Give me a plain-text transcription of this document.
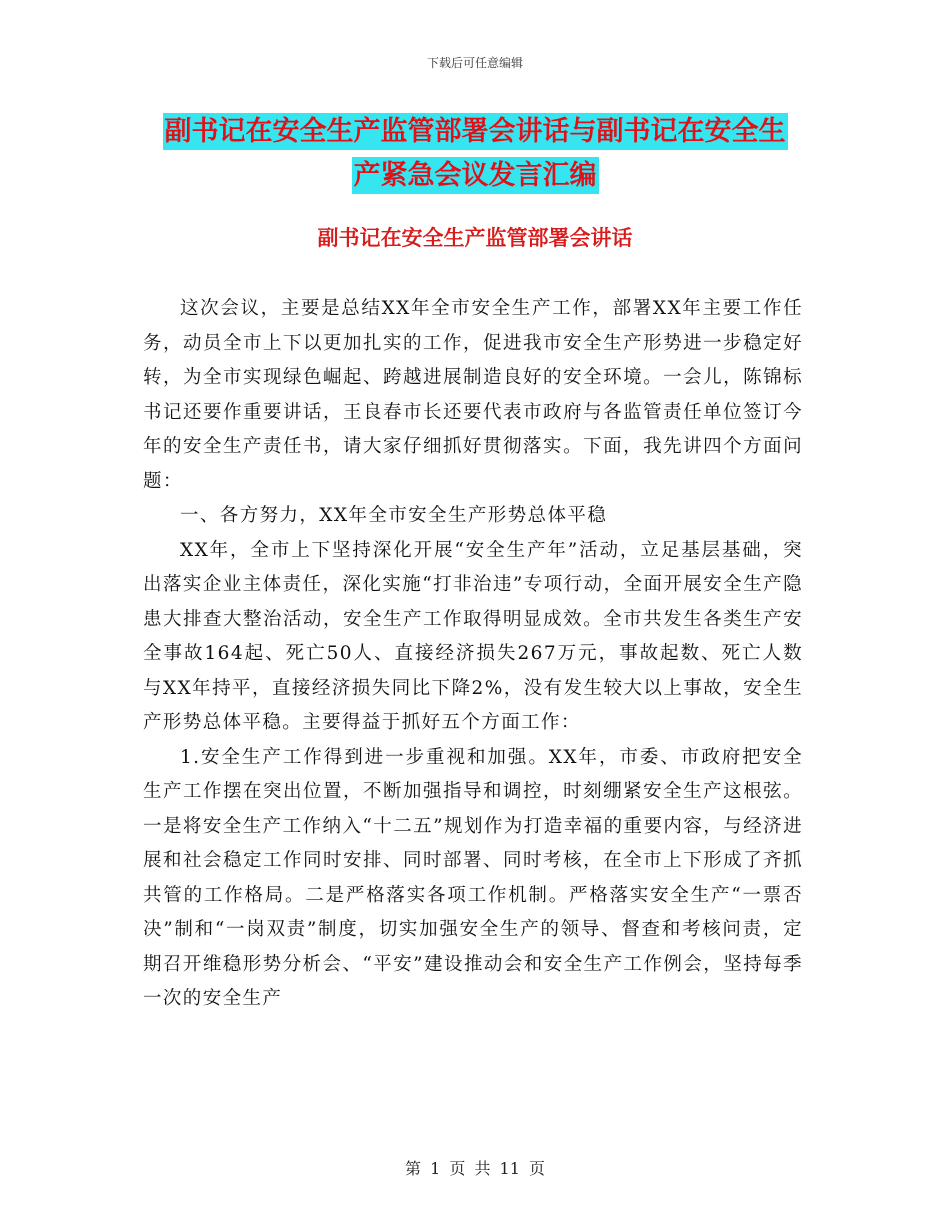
下载后可任意编辑
副书记在安全生产监管部署会讲话与副书记在安全生
产紧急会议发言汇编
副书记在安全生产监管部署会讲话

这次会议，主要是总结XX年全市安全生产工作，部署XX年主要工作任务，动员全市上下以更加扎实的工作，促进我市安全生产形势进一步稳定好转，为全市实现绿色崛起、跨越进展制造良好的安全环境。一会儿，陈锦标书记还要作重要讲话，王良春市长还要代表市政府与各监管责任单位签订今年的安全生产责任书，请大家仔细抓好贯彻落实。下面，我先讲四个方面问题：

一、各方努力，XX年全市安全生产形势总体平稳

XX年，全市上下坚持深化开展“安全生产年”活动，立足基层基础，突出落实企业主体责任，深化实施“打非治违”专项行动，全面开展安全生产隐患大排查大整治活动，安全生产工作取得明显成效。全市共发生各类生产安全事故164起、死亡50人、直接经济损失267万元，事故起数、死亡人数与XX年持平，直接经济损失同比下降2%，没有发生较大以上事故，安全生产形势总体平稳。主要得益于抓好五个方面工作：

1.安全生产工作得到进一步重视和加强。XX年，市委、市政府把安全生产工作摆在突出位置，不断加强指导和调控，时刻绷紧安全生产这根弦。一是将安全生产工作纳入“十二五”规划作为打造幸福的重要内容，与经济进展和社会稳定工作同时安排、同时部署、同时考核，在全市上下形成了齐抓共管的工作格局。二是严格落实各项工作机制。严格落实安全生产“一票否决”制和“一岗双责”制度，切实加强安全生产的领导、督查和考核问责，定期召开维稳形势分析会、“平安”建设推动会和安全生产工作例会，坚持每季一次的安全生产

第 1 页 共 11 页
